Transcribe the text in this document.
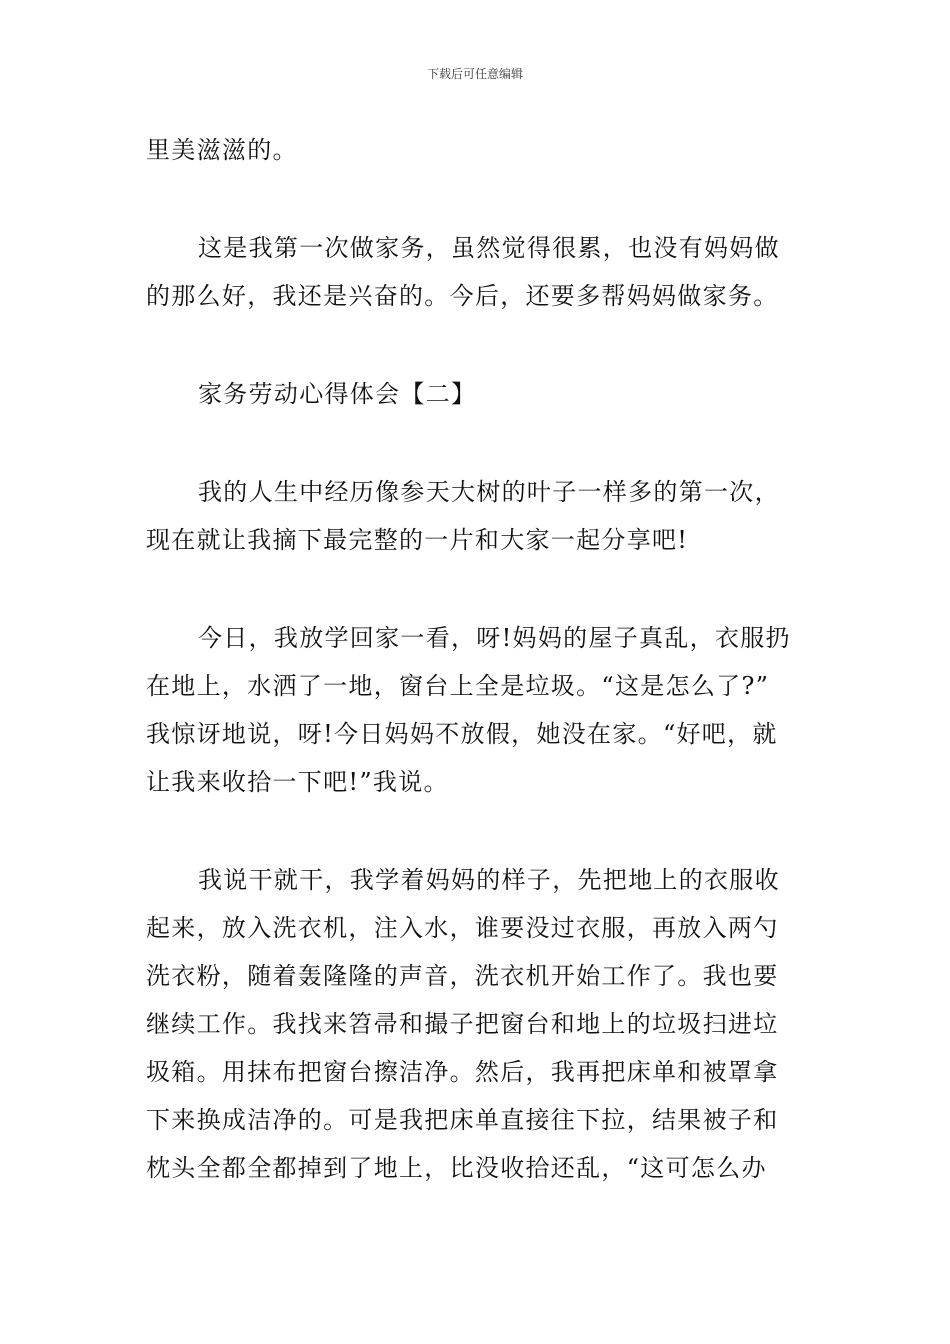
下载后可任意编辑
里美滋滋的。
这是我第一次做家务，虽然觉得很累，也没有妈妈做
的那么好，我还是兴奋的。今后，还要多帮妈妈做家务。
家务劳动心得体会【二】
我的人生中经历像参天大树的叶子一样多的第一次，
现在就让我摘下最完整的一片和大家一起分享吧!
今日，我放学回家一看，呀!妈妈的屋子真乱，衣服扔
在地上，水洒了一地，窗台上全是垃圾。“这是怎么了?”
我惊讶地说，呀!今日妈妈不放假，她没在家。“好吧，就
让我来收拾一下吧!”我说。
我说干就干，我学着妈妈的样子，先把地上的衣服收
起来，放入洗衣机，注入水，谁要没过衣服，再放入两勺
洗衣粉，随着轰隆隆的声音，洗衣机开始工作了。我也要
继续工作。我找来笤帚和撮子把窗台和地上的垃圾扫进垃
圾箱。用抹布把窗台擦洁净。然后，我再把床单和被罩拿
下来换成洁净的。可是我把床单直接往下拉，结果被子和
枕头全都全都掉到了地上，比没收拾还乱，“这可怎么办
